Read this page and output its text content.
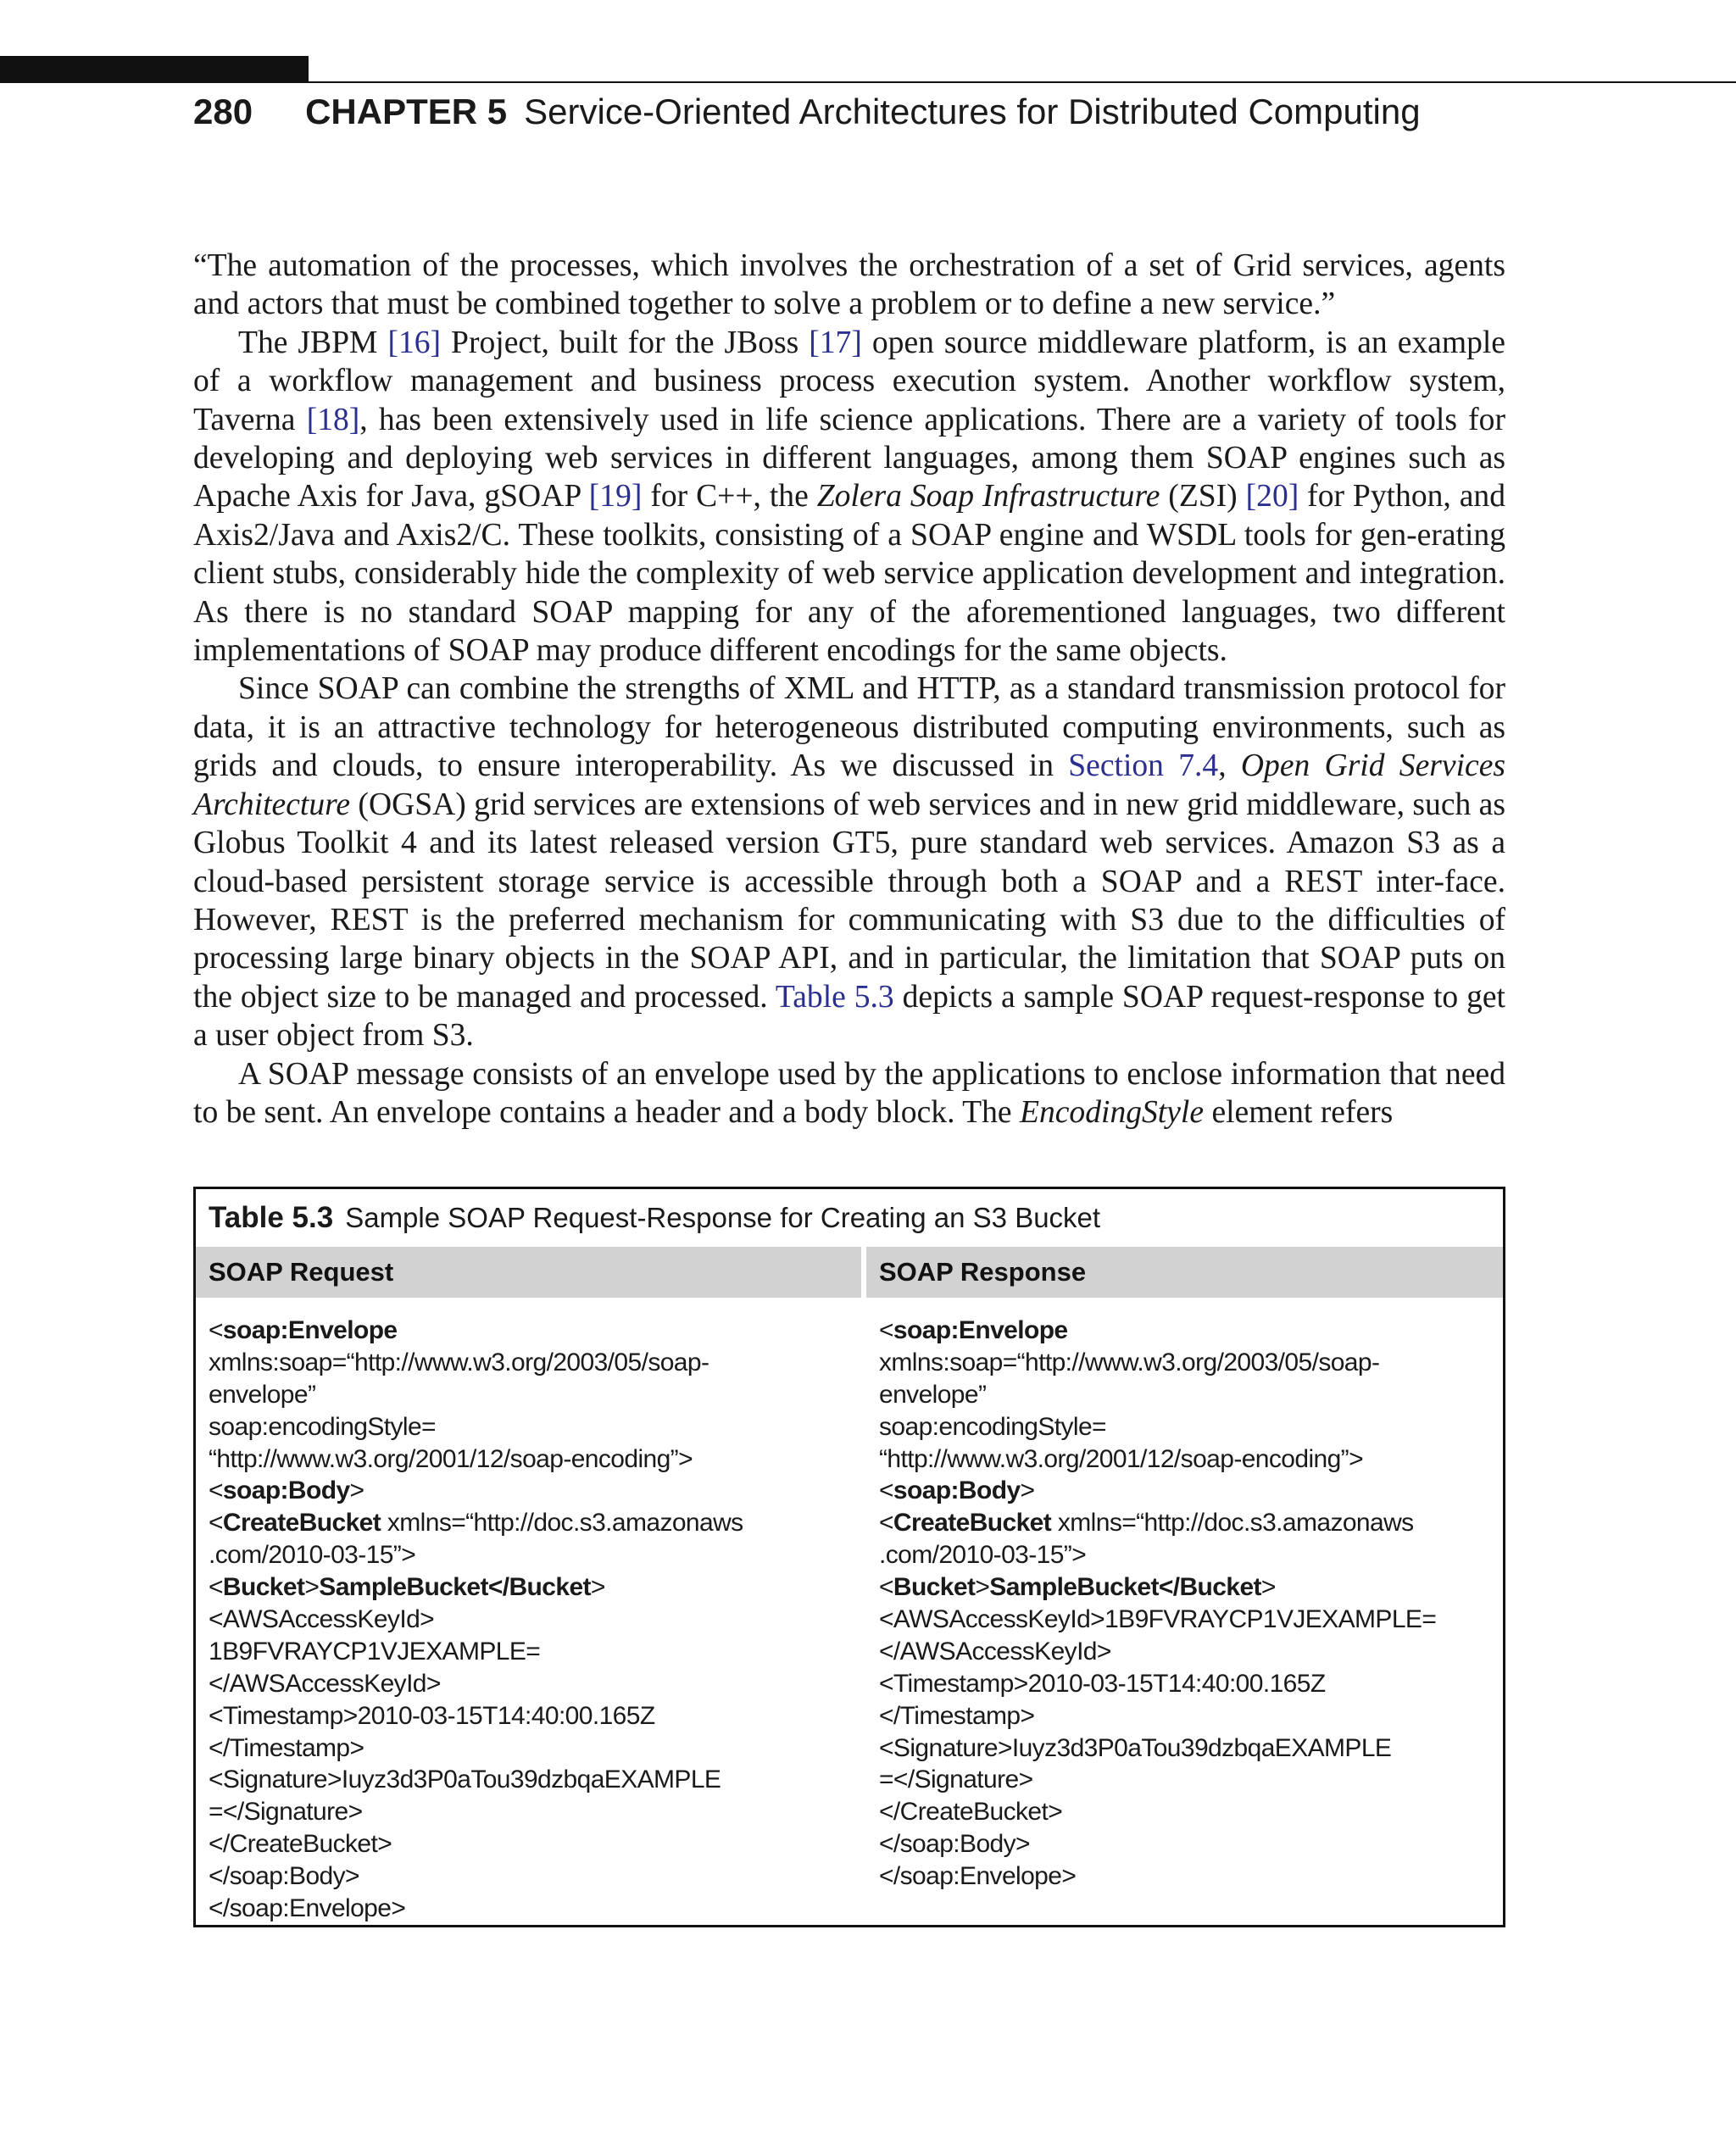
280 CHAPTER 5 Service-Oriented Architectures for Distributed Computing

“The automation of the processes, which involves the orchestration of a set of Grid services, agents and actors that must be combined together to solve a problem or to define a new service.”

The JBPM [16] Project, built for the JBoss [17] open source middleware platform, is an example of a workflow management and business process execution system. Another workflow system, Taverna [18], has been extensively used in life science applications. There are a variety of tools for developing and deploying web services in different languages, among them SOAP engines such as Apache Axis for Java, gSOAP [19] for C++, the Zolera Soap Infrastructure (ZSI) [20] for Python, and Axis2/Java and Axis2/C. These toolkits, consisting of a SOAP engine and WSDL tools for gen-erating client stubs, considerably hide the complexity of web service application development and integration. As there is no standard SOAP mapping for any of the aforementioned languages, two different implementations of SOAP may produce different encodings for the same objects.

Since SOAP can combine the strengths of XML and HTTP, as a standard transmission protocol for data, it is an attractive technology for heterogeneous distributed computing environments, such as grids and clouds, to ensure interoperability. As we discussed in Section 7.4, Open Grid Services Architecture (OGSA) grid services are extensions of web services and in new grid middleware, such as Globus Toolkit 4 and its latest released version GT5, pure standard web services. Amazon S3 as a cloud-based persistent storage service is accessible through both a SOAP and a REST inter-face. However, REST is the preferred mechanism for communicating with S3 due to the difficulties of processing large binary objects in the SOAP API, and in particular, the limitation that SOAP puts on the object size to be managed and processed. Table 5.3 depicts a sample SOAP request-response to get a user object from S3.

A SOAP message consists of an envelope used by the applications to enclose information that need to be sent. An envelope contains a header and a body block. The EncodingStyle element refers

Table 5.3 Sample SOAP Request-Response for Creating an S3 Bucket
SOAP Request	SOAP Response
<soap:Envelope
xmlns:soap=“http://www.w3.org/2003/05/soap-
envelope”
soap:encodingStyle=
“http://www.w3.org/2001/12/soap-encoding”>
<soap:Body>
<CreateBucket xmlns=“http://doc.s3.amazonaws
.com/2010-03-15”>
<Bucket>SampleBucket</Bucket>
<AWSAccessKeyId>
1B9FVRAYCP1VJEXAMPLE=
</AWSAccessKeyId>
<Timestamp>2010-03-15T14:40:00.165Z
</Timestamp>
<Signature>Iuyz3d3P0aTou39dzbqaEXAMPLE
=</Signature>
</CreateBucket>
</soap:Body>
</soap:Envelope>
<soap:Envelope
xmlns:soap=“http://www.w3.org/2003/05/soap-
envelope”
soap:encodingStyle=
“http://www.w3.org/2001/12/soap-encoding”>
<soap:Body>
<CreateBucket xmlns=“http://doc.s3.amazonaws
.com/2010-03-15”>
<Bucket>SampleBucket</Bucket>
<AWSAccessKeyId>1B9FVRAYCP1VJEXAMPLE=
</AWSAccessKeyId>
<Timestamp>2010-03-15T14:40:00.165Z
</Timestamp>
<Signature>Iuyz3d3P0aTou39dzbqaEXAMPLE
=</Signature>
</CreateBucket>
</soap:Body>
</soap:Envelope>
